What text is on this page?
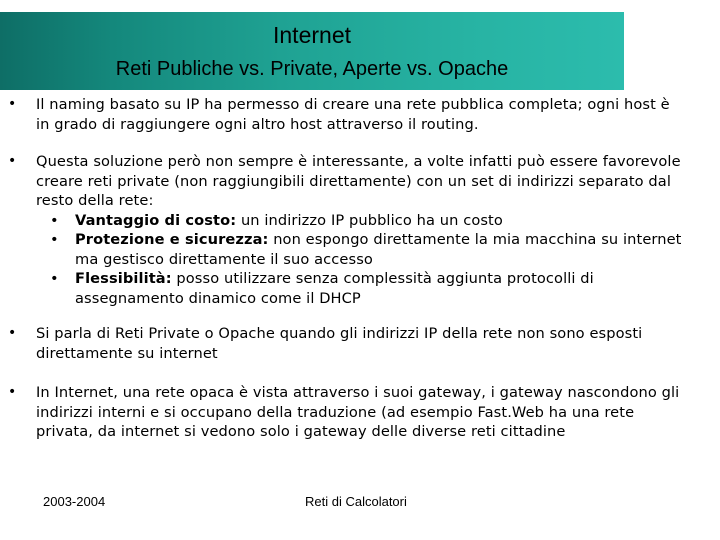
Internet
Reti Publiche vs. Private, Aperte vs. Opache
• Il naming basato su IP ha permesso di creare una rete pubblica completa; ogni host è in grado di raggiungere ogni altro host attraverso il routing.
• Questa soluzione però non sempre è interessante, a volte infatti può essere favorevole creare reti private (non raggiungibili direttamente) con un set di indirizzi separato dal resto della rete:
• Vantaggio di costo: un indirizzo IP pubblico ha un costo
• Protezione e sicurezza: non espongo direttamente la mia macchina su internet ma gestisco direttamente il suo accesso
• Flessibilità: posso utilizzare senza complessità aggiunta protocolli di assegnamento dinamico come il DHCP
• Si parla di Reti Private o Opache quando gli indirizzi IP della rete non sono esposti direttamente su internet
• In Internet, una rete opaca è vista attraverso i suoi gateway, i gateway nascondono gli indirizzi interni e si occupano della traduzione (ad esempio Fast.Web ha una rete privata, da internet si vedono solo i gateway delle diverse reti cittadine
2003-2004	Reti di Calcolatori
